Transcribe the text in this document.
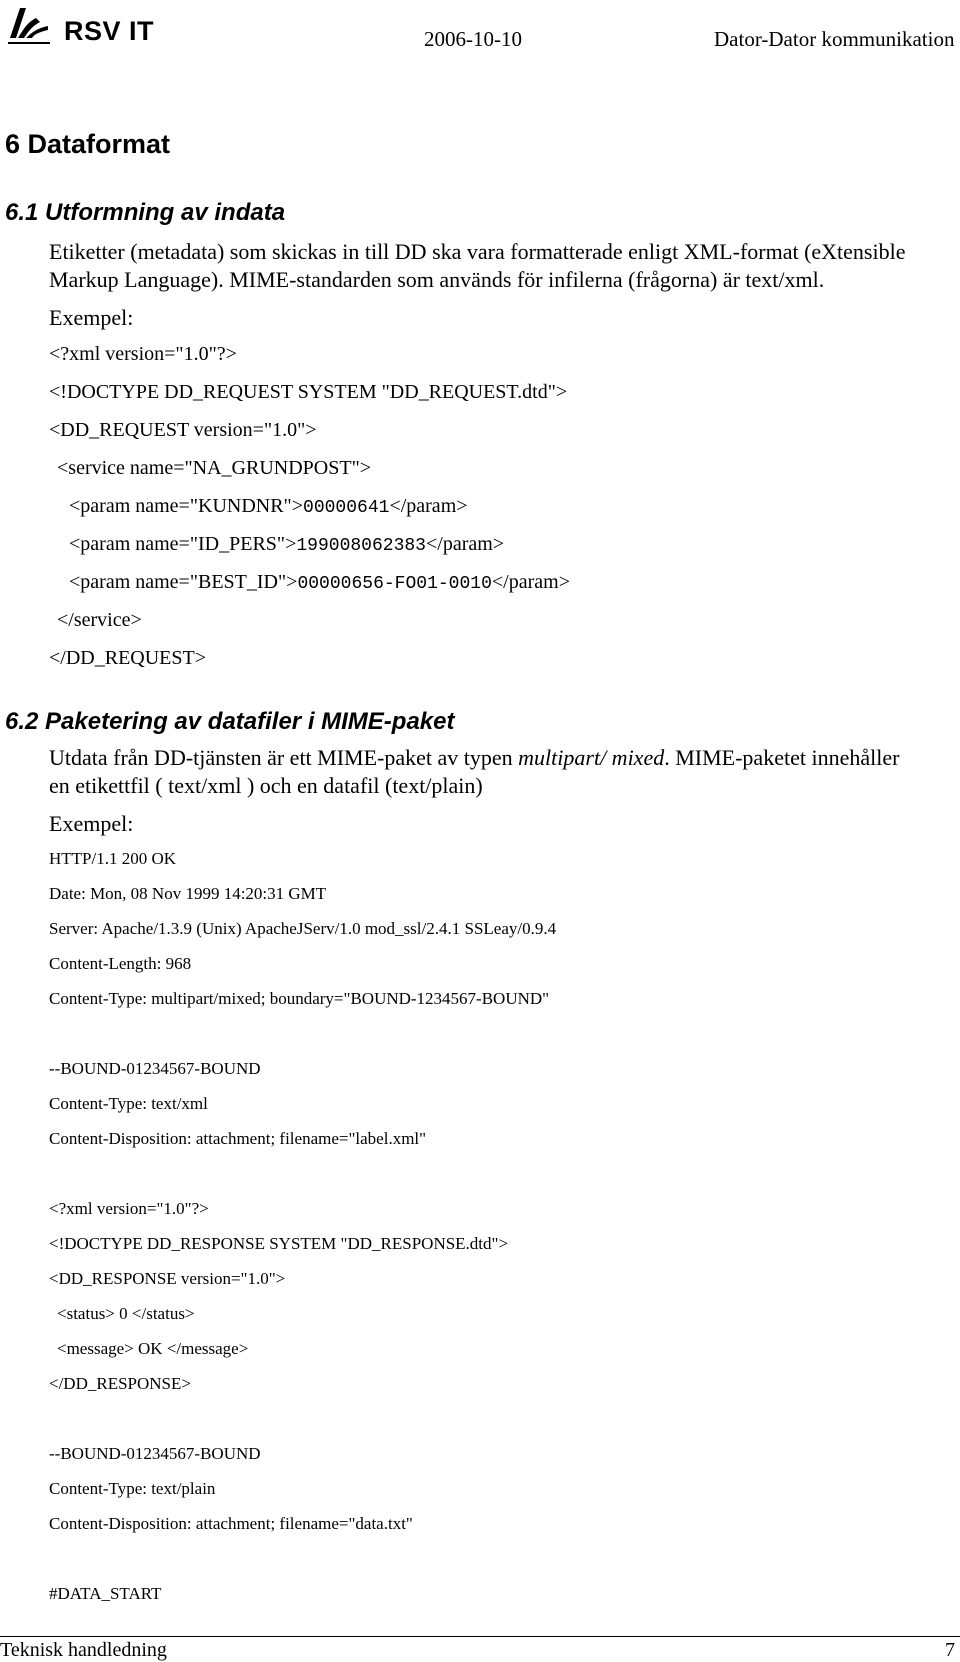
RSV IT	2006-10-10	Dator-Dator kommunikation
6 Dataformat
6.1 Utformning av indata
Etiketter (metadata) som skickas in till DD ska vara formatterade enligt XML-format (eXtensible
Markup Language). MIME-standarden som används för infilerna (frågorna) är text/xml.
Exempel:
<?xml version="1.0"?>
<!DOCTYPE DD_REQUEST SYSTEM "DD_REQUEST.dtd">
<DD_REQUEST version="1.0">
<service name="NA_GRUNDPOST">
<param name="KUNDNR">00000641</param>
<param name="ID_PERS">199008062383</param>
<param name="BEST_ID">00000656-FO01-0010</param>
</service>
</DD_REQUEST>
6.2 Paketering av datafiler i MIME-paket
Utdata från DD-tjänsten är ett MIME-paket av typen multipart/ mixed. MIME-paketet innehåller
en etikettfil ( text/xml ) och en datafil (text/plain)
Exempel:
HTTP/1.1 200 OK
Date: Mon, 08 Nov 1999 14:20:31 GMT
Server: Apache/1.3.9 (Unix) ApacheJServ/1.0 mod_ssl/2.4.1 SSLeay/0.9.4
Content-Length: 968
Content-Type: multipart/mixed; boundary="BOUND-1234567-BOUND"
--BOUND-01234567-BOUND
Content-Type: text/xml
Content-Disposition: attachment; filename="label.xml"
<?xml version="1.0"?>
<!DOCTYPE DD_RESPONSE SYSTEM "DD_RESPONSE.dtd">
<DD_RESPONSE version="1.0">
<status> 0 </status>
<message> OK </message>
</DD_RESPONSE>
--BOUND-01234567-BOUND
Content-Type: text/plain
Content-Disposition: attachment; filename="data.txt"
#DATA_START
Teknisk handledning	7
